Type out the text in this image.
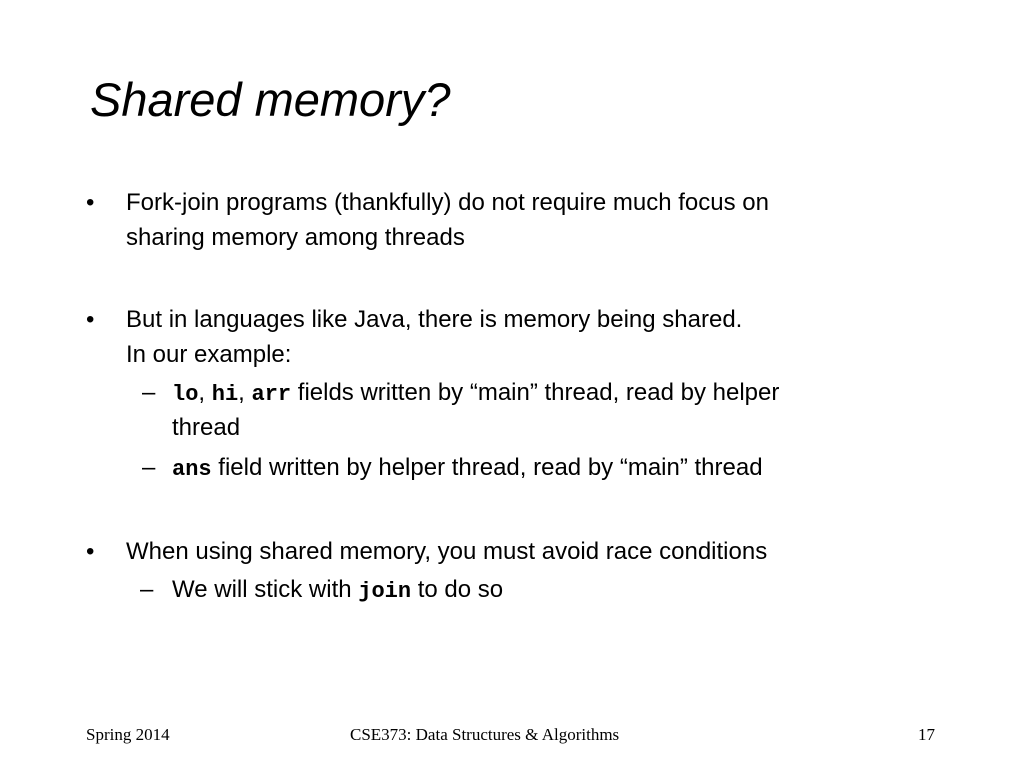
Shared memory?
• Fork-join programs (thankfully) do not require much focus on
sharing memory among threads
• But in languages like Java, there is memory being shared.
In our example:
– lo, hi, arr fields written by “main” thread, read by helper
thread
– ans field written by helper thread, read by “main” thread
• When using shared memory, you must avoid race conditions
– We will stick with join to do so
Spring 2014	CSE373: Data Structures & Algorithms	17
